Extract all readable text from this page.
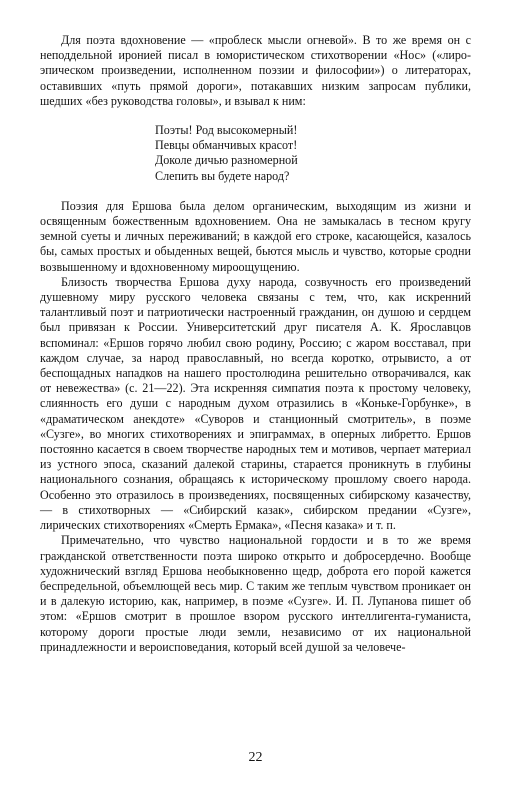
Для поэта вдохновение — «проблеск мысли огневой». В то же время он с неподдельной иронией писал в юмористическом стихотворении «Нос» («лиро-эпическом произведении, исполненном поэзии и философии») о литераторах, оставивших «путь прямой дороги», потакавших низким запросам публики, шедших «без руководства головы», и взывал к ним:

Поэты! Род высокомерный!
Певцы обманчивых красот!
Доколе дичью разномерной
Слепить вы будете народ?

Поэзия для Ершова была делом органическим, выходящим из жизни и освященным божественным вдохновением. Она не замыкалась в тесном кругу земной суеты и личных переживаний; в каждой его строке, касающейся, казалось бы, самых простых и обыденных вещей, бьются мысль и чувство, которые сродни возвышенному и вдохновенному мироощущению.

Близость творчества Ершова духу народа, созвучность его произведений душевному миру русского человека связаны с тем, что, как искренний талантливый поэт и патриотически настроенный гражданин, он душою и сердцем был привязан к России. Университетский друг писателя А. К. Ярославцов вспоминал: «Ершов горячо любил свою родину, Россию; с жаром восставал, при каждом случае, за народ православный, но всегда коротко, отрывисто, а от беспощадных нападков на нашего простолюдина решительно отворачивался, как от невежества» (с. 21—22). Эта искренняя симпатия поэта к простому человеку, слиянность его души с народным духом отразились в «Коньке-Горбунке», в «драматическом анекдоте» «Суворов и станционный смотритель», в поэме «Сузге», во многих стихотворениях и эпиграммах, в оперных либретто. Ершов постоянно касается в своем творчестве народных тем и мотивов, черпает материал из устного эпоса, сказаний далекой старины, старается проникнуть в глубины национального сознания, обращаясь к историческому прошлому своего народа. Особенно это отразилось в произведениях, посвященных сибирскому казачеству, — в стихотворных — «Сибирский казак», сибирском предании «Сузге», лирических стихотворениях «Смерть Ермака», «Песня казака» и т. п.

Примечательно, что чувство национальной гордости и в то же время гражданской ответственности поэта широко открыто и добросердечно. Вообще художнический взгляд Ершова необыкновенно щедр, доброта его порой кажется беспредельной, объемлющей весь мир. С таким же теплым чувством проникает он и в далекую историю, как, например, в поэме «Сузге». И. П. Лупанова пишет об этом: «Ершов смотрит в прошлое взором русского интеллигента-гуманиста, которому дороги простые люди земли, независимо от их национальной принадлежности и вероисповедания, который всей душой за человече-

22
